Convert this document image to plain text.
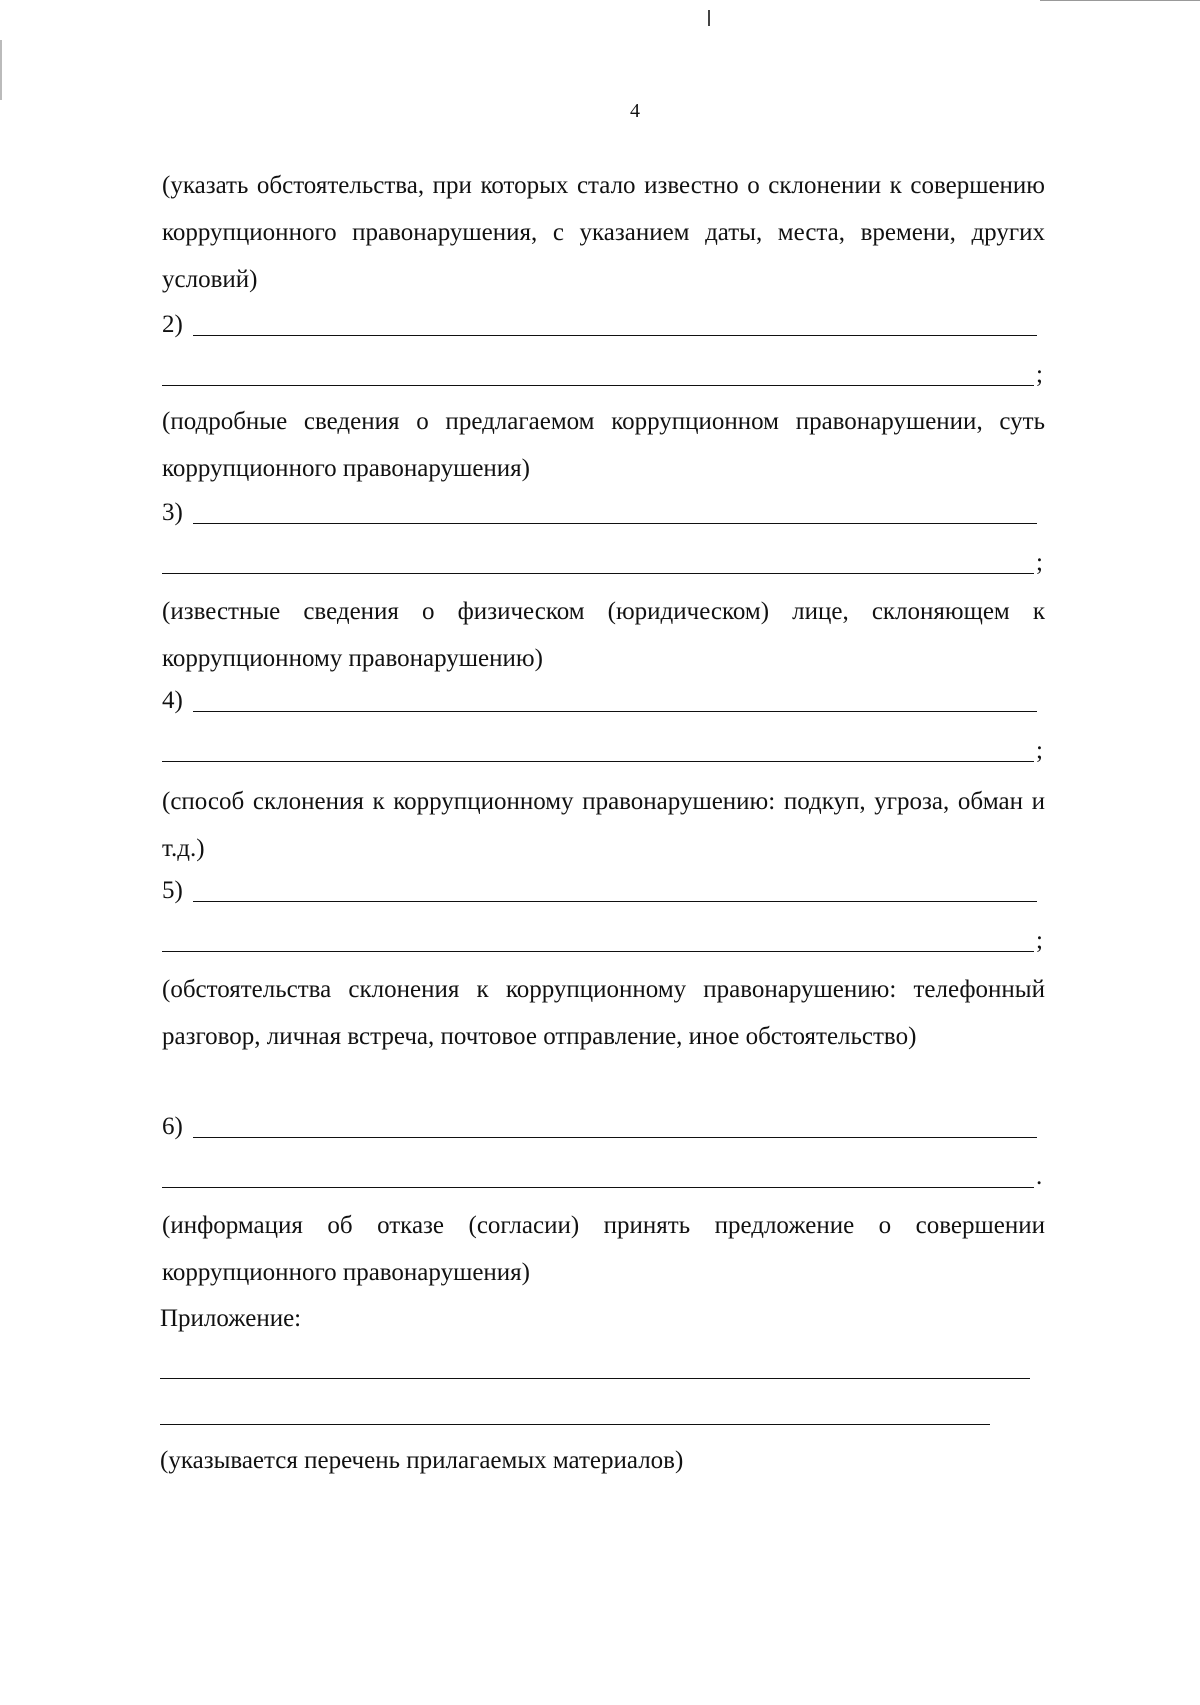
4
(указать обстоятельства, при которых стало известно о склонении к совершению коррупционного правонарушения, с указанием даты, места, времени, других условий)
2)
;
(подробные сведения о предлагаемом коррупционном правонарушении, суть коррупционного правонарушения)
3)
;
(известные сведения о физическом (юридическом) лице, склоняющем к коррупционному правонарушению)
4)
;
(способ склонения к коррупционному правонарушению: подкуп, угроза, обман и т.д.)
5)
;
(обстоятельства склонения к коррупционному правонарушению: телефонный разговор, личная встреча, почтовое отправление, иное обстоятельство)
6)
.
(информация об отказе (согласии) принять предложение о совершении коррупционного правонарушения)
Приложение:
(указывается перечень прилагаемых материалов)
